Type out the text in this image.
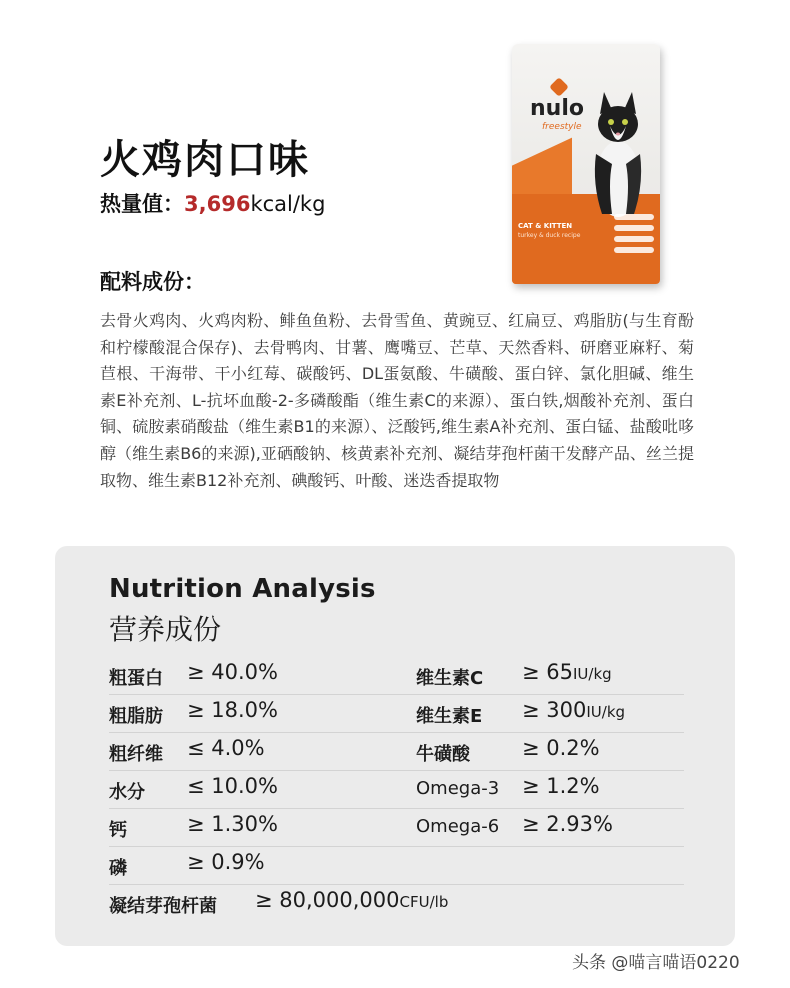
火鸡肉口味
热量值：3,696kcal/kg
nulo
freestyle
CAT & KITTEN
turkey & duck recipe
配料成份：
去骨火鸡肉、火鸡肉粉、鲱鱼鱼粉、去骨雪鱼、黄豌豆、红扁豆、鸡脂肪(与生育酚和柠檬酸混合保存)、去骨鸭肉、甘薯、鹰嘴豆、芒草、天然香料、研磨亚麻籽、菊苣根、干海带、干小红莓、碳酸钙、DL蛋氨酸、牛磺酸、蛋白锌、氯化胆碱、维生素E补充剂、L-抗坏血酸-2-多磷酸酯（维生素C的来源）、蛋白铁,烟酸补充剂、蛋白铜、硫胺素硝酸盐（维生素B1的来源）、泛酸钙,维生素A补充剂、蛋白锰、盐酸吡哆醇（维生素B6的来源),亚硒酸钠、核黄素补充剂、凝结芽孢杆菌干发酵产品、丝兰提取物、维生素B12补充剂、碘酸钙、叶酸、迷迭香提取物
Nutrition Analysis
营养成份
粗蛋白 ≥ 40.0%	维生素C ≥ 65IU/kg
粗脂肪 ≥ 18.0%	维生素E ≥ 300IU/kg
粗纤维 ≤ 4.0%	牛磺酸 ≥ 0.2%
水分 ≤ 10.0%	Omega-3 ≥ 1.2%
钙	≥ 1.30%	Omega-6 ≥ 2.93%
磷	≥ 0.9%
凝结芽孢杆菌 ≥ 80,000,000CFU/lb
头条 @喵言喵语0220
